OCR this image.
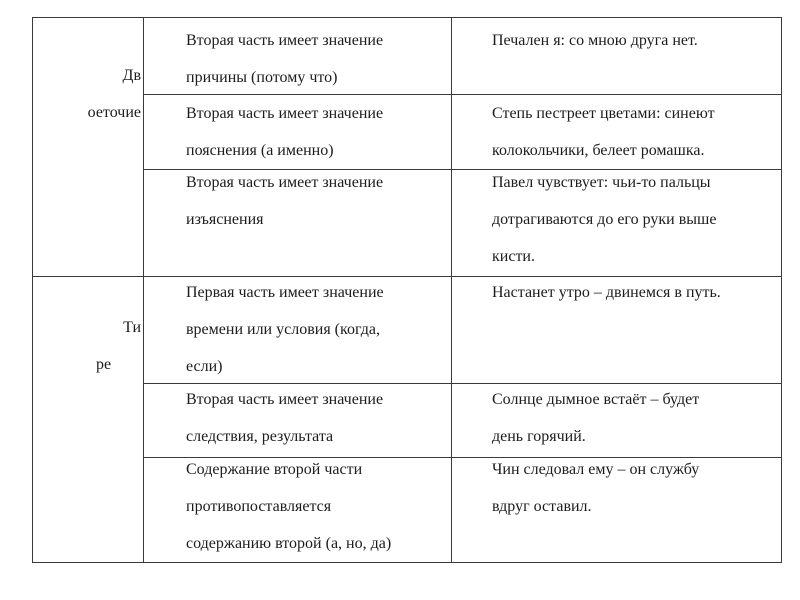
Дв
оеточие
Вторая часть имеет значение
причины (потому что)
Печален я: со мною друга нет.
Вторая часть имеет значение
пояснения (а именно)
Степь пестреет цветами: синеют
колокольчики, белеет ромашка.
Вторая часть имеет значение
изъяснения
Павел чувствует: чьи-то пальцы
дотрагиваются до его руки выше
кисти.
Ти
ре
Первая часть имеет значение
времени или условия (когда,
если)
Настанет утро – двинемся в путь.
Вторая часть имеет значение
следствия, результата
Солнце дымное встаёт – будет
день горячий.
Содержание второй части
противопоставляется
содержанию второй (а, но, да)
Чин следовал ему – он службу
вдруг оставил.
